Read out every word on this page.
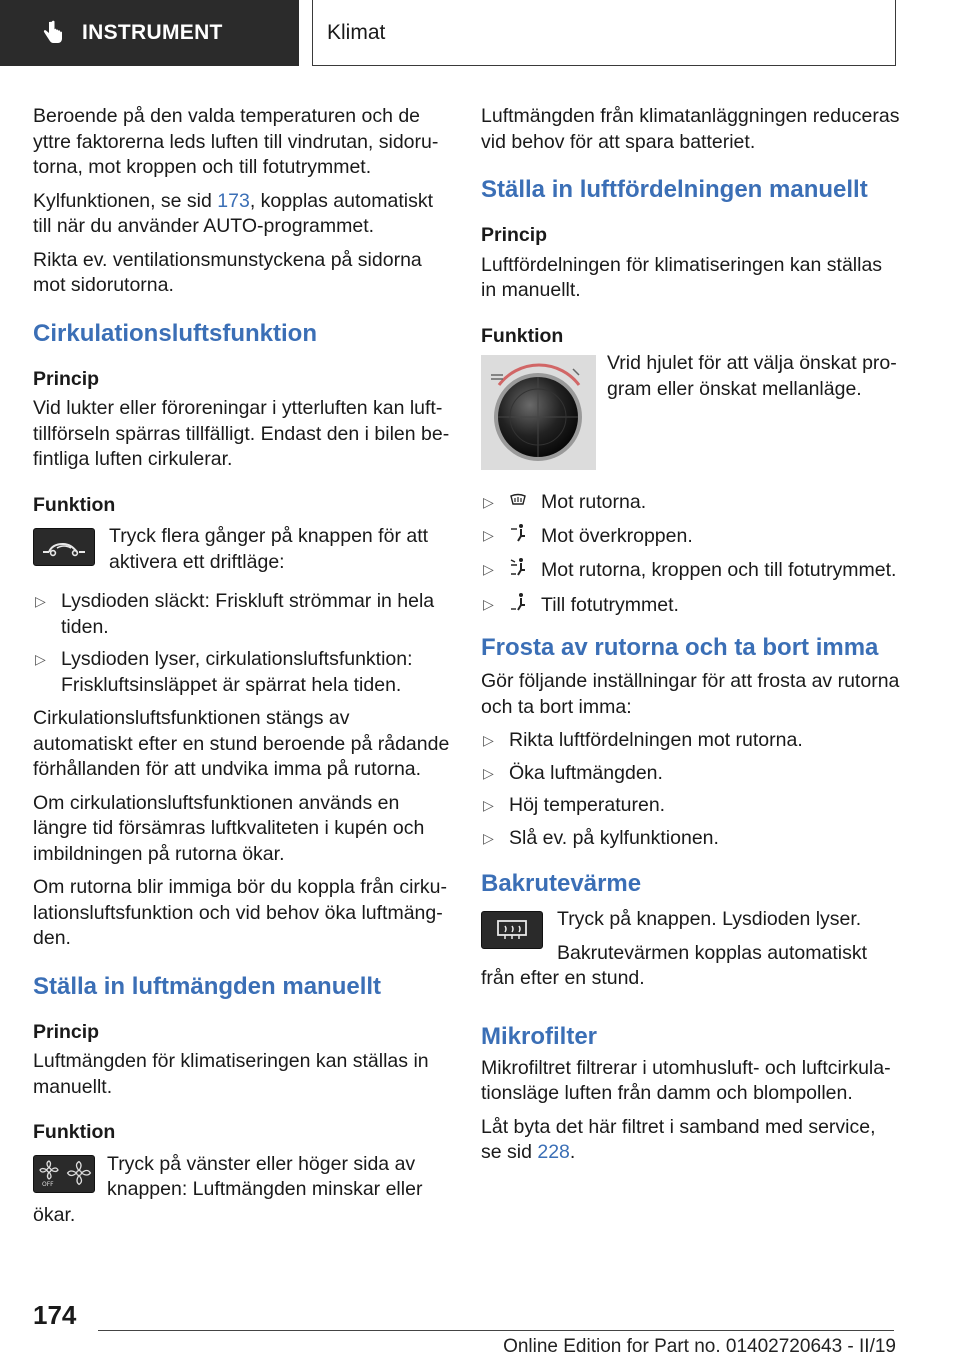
INSTRUMENT	Klimat

Beroende på den valda temperaturen och de yttre faktorerna leds luften till vindrutan, sidorutorna, mot kroppen och till fotutrymmet.

Kylfunktionen, se sid 173, kopplas automatiskt till när du använder AUTO-programmet.

Rikta ev. ventilationsmunstyckena på sidorna mot sidorutorna.

Cirkulationsluftsfunktion
Princip

Vid lukter eller föroreningar i ytterluften kan lufttillförseln spärras tillfälligt. Endast den i bilen befintliga luften cirkulerar.

Funktion
Tryck flera gånger på knappen för att aktivera ett driftläge:
▷ Lysdioden släckt: Friskluft strömmar in hela tiden.
▷ Lysdioden lyser, cirkulationsluftsfunktion: Friskluftsinsläppet är spärrat hela tiden.

Cirkulationsluftsfunktionen stängs av automatiskt efter en stund beroende på rådande förhållanden för att undvika imma på rutorna.

Om cirkulationsluftsfunktionen används en längre tid försämras luftkvaliteten i kupén och imbildningen på rutorna ökar.

Om rutorna blir immiga bör du koppla från cirkulationsluftsfunktion och vid behov öka luftmängden.

Ställa in luftmängden manuellt
Princip

Luftmängden för klimatiseringen kan ställas in manuellt.

Funktion
OFF
Tryck på vänster eller höger sida av knappen: Luftmängden minskar eller ökar.

Luftmängden från klimatanläggningen reduceras vid behov för att spara batteriet.

Ställa in luftfördelningen manuellt
Princip

Luftfördelningen för klimatiseringen kan ställas in manuellt.

Funktion
Vrid hjulet för att välja önskat program eller önskat mellanläge.
▷ Mot rutorna.
▷ Mot överkroppen.
▷ Mot rutorna, kroppen och till fotutrymmet.
▷ Till fotutrymmet.
Frosta av rutorna och ta bort imma

Gör följande inställningar för att frosta av rutorna och ta bort imma:

▷ Rikta luftfördelningen mot rutorna.
▷ Öka luftmängden.
▷ Höj temperaturen.
▷ Slå ev. på kylfunktionen.
Bakrutevärme

Tryck på knappen. Lysdioden lyser.

Bakrutevärmen kopplas automatiskt från efter en stund.

Mikrofilter

Mikrofiltret filtrerar i utomhusluft- och luftcirkulationsläge luften från damm och blompollen.

Låt byta det här filtret i samband med service, se sid 228.

174
Online Edition for Part no. 01402720643 - II/19
